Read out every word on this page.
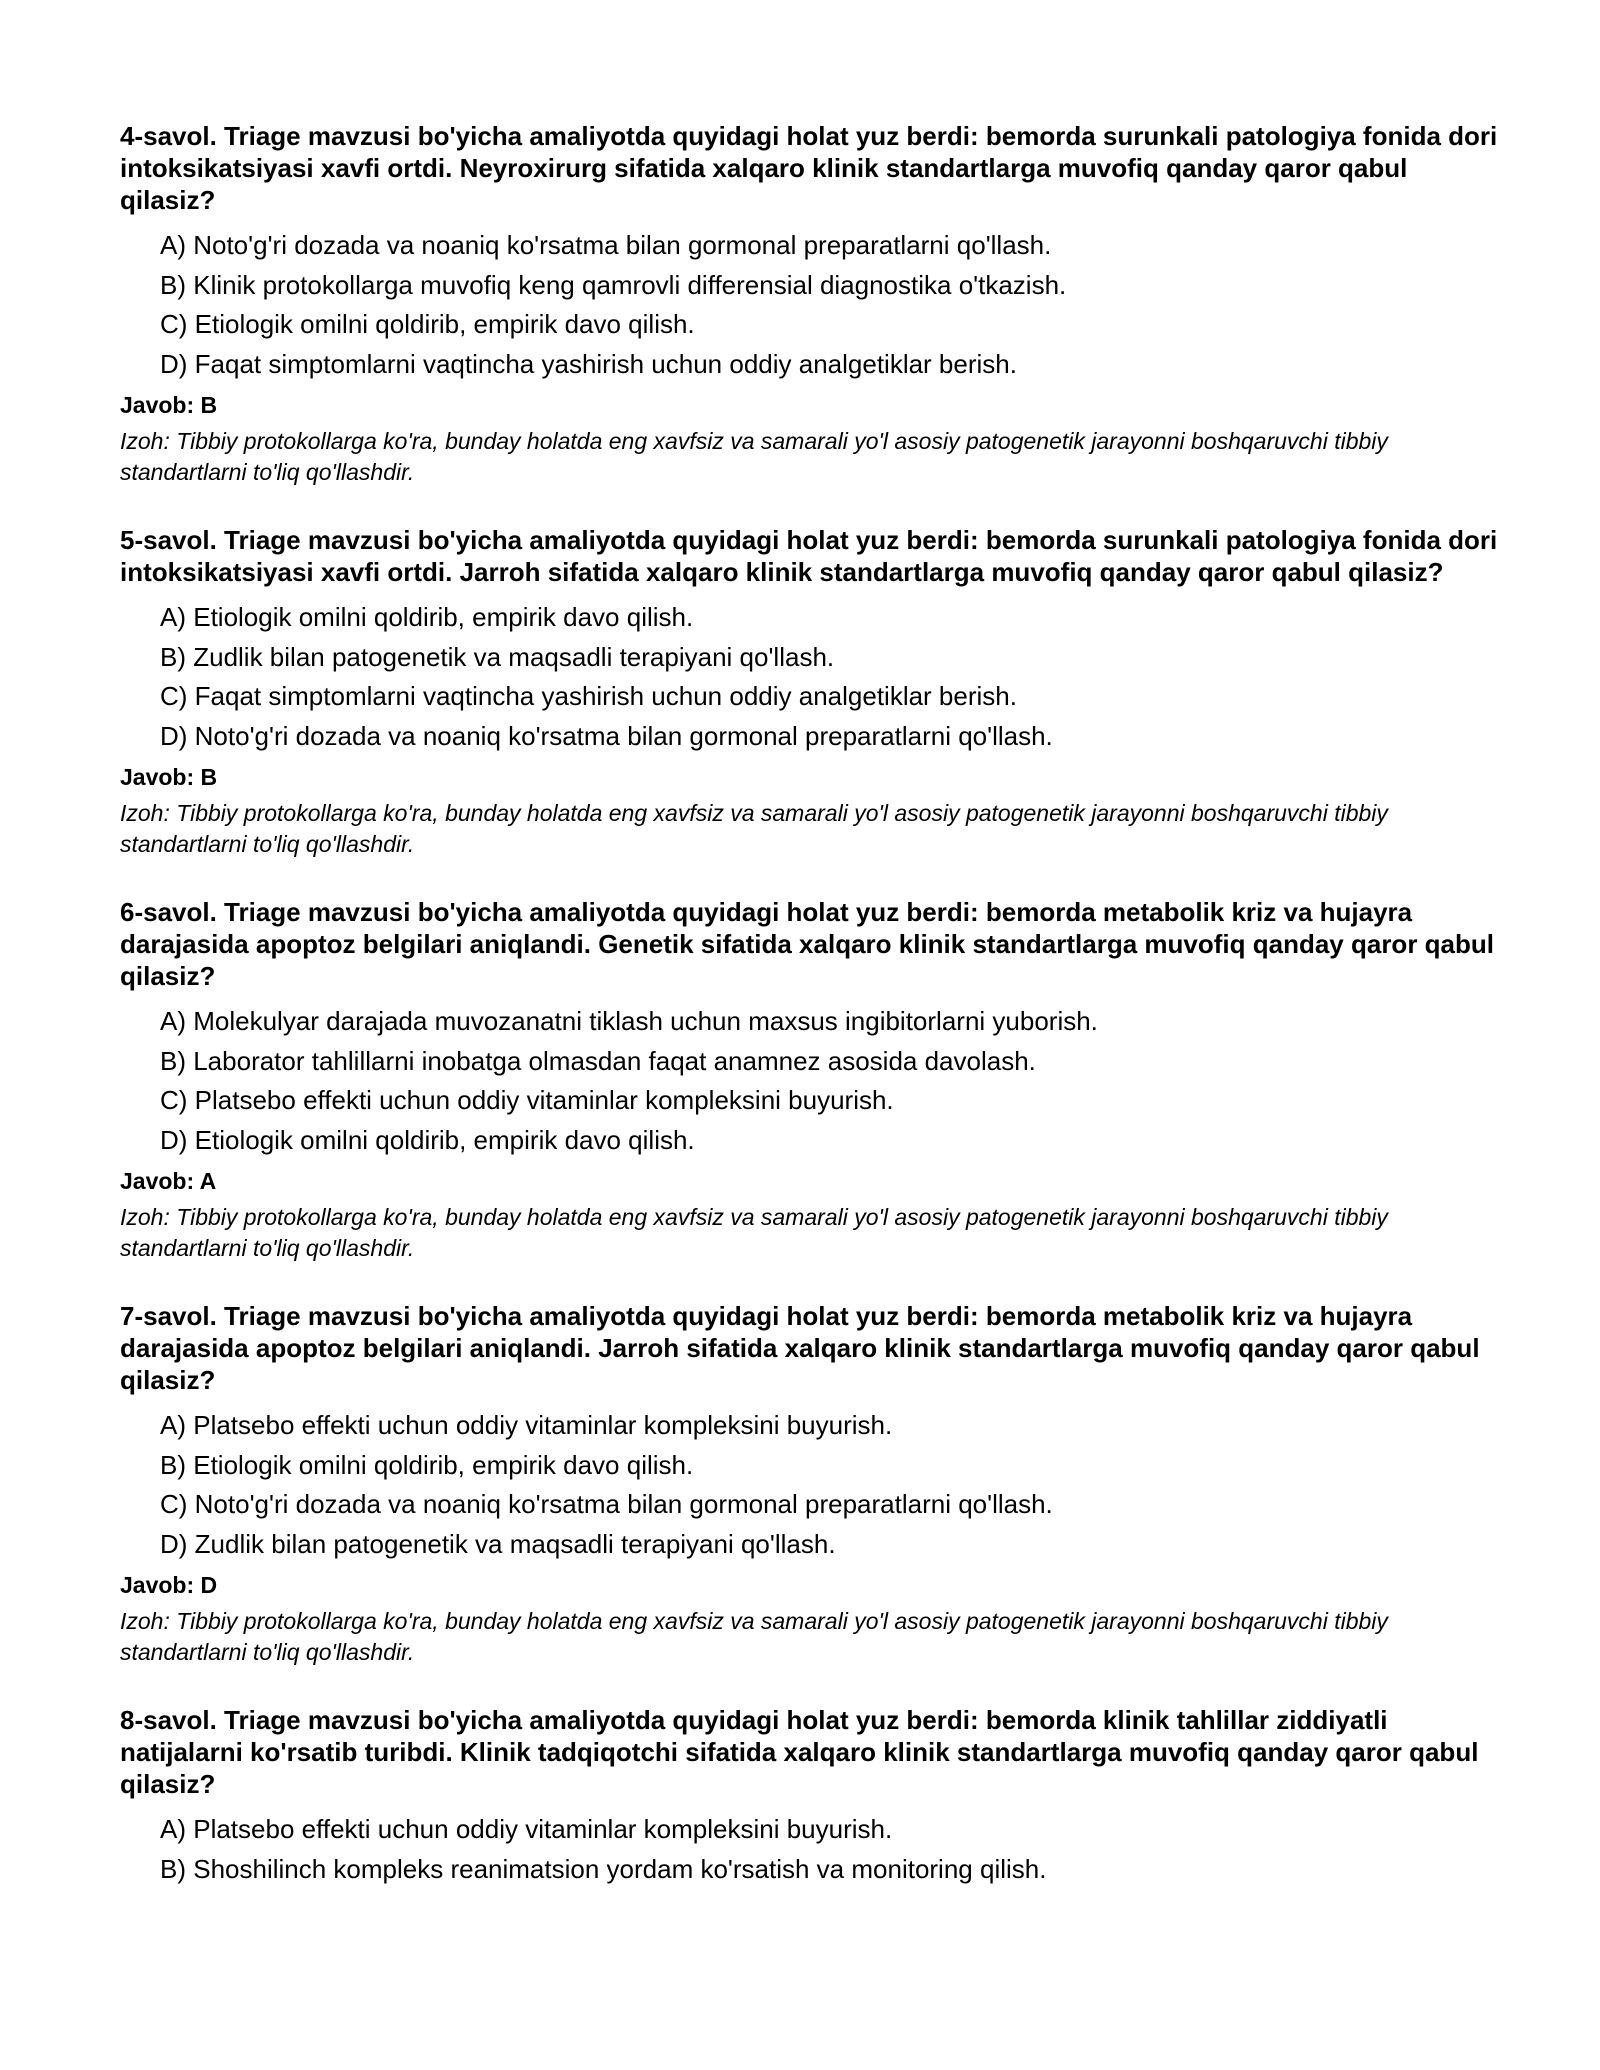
4-savol. Triage mavzusi bo'yicha amaliyotda quyidagi holat yuz berdi: bemorda surunkali patologiya fonida dori intoksikatsiyasi xavfi ortdi. Neyroxirurg sifatida xalqaro klinik standartlarga muvofiq qanday qaror qabul qilasiz?

A) Noto'g'ri dozada va noaniq ko'rsatma bilan gormonal preparatlarni qo'llash.
B) Klinik protokollarga muvofiq keng qamrovli differensial diagnostika o'tkazish.
C) Etiologik omilni qoldirib, empirik davo qilish.
D) Faqat simptomlarni vaqtincha yashirish uchun oddiy analgetiklar berish.

Javob: B

Izoh: Tibbiy protokollarga ko'ra, bunday holatda eng xavfsiz va samarali yo'l asosiy patogenetik jarayonni boshqaruvchi tibbiy standartlarni to'liq qo'llashdir.

5-savol. Triage mavzusi bo'yicha amaliyotda quyidagi holat yuz berdi: bemorda surunkali patologiya fonida dori intoksikatsiyasi xavfi ortdi. Jarroh sifatida xalqaro klinik standartlarga muvofiq qanday qaror qabul qilasiz?

A) Etiologik omilni qoldirib, empirik davo qilish.
B) Zudlik bilan patogenetik va maqsadli terapiyani qo'llash.
C) Faqat simptomlarni vaqtincha yashirish uchun oddiy analgetiklar berish.
D) Noto'g'ri dozada va noaniq ko'rsatma bilan gormonal preparatlarni qo'llash.

Javob: B

Izoh: Tibbiy protokollarga ko'ra, bunday holatda eng xavfsiz va samarali yo'l asosiy patogenetik jarayonni boshqaruvchi tibbiy standartlarni to'liq qo'llashdir.

6-savol. Triage mavzusi bo'yicha amaliyotda quyidagi holat yuz berdi: bemorda metabolik kriz va hujayra darajasida apoptoz belgilari aniqlandi. Genetik sifatida xalqaro klinik standartlarga muvofiq qanday qaror qabul qilasiz?

A) Molekulyar darajada muvozanatni tiklash uchun maxsus ingibitorlarni yuborish.
B) Laborator tahlillarni inobatga olmasdan faqat anamnez asosida davolash.
C) Platsebo effekti uchun oddiy vitaminlar kompleksini buyurish.
D) Etiologik omilni qoldirib, empirik davo qilish.

Javob: A

Izoh: Tibbiy protokollarga ko'ra, bunday holatda eng xavfsiz va samarali yo'l asosiy patogenetik jarayonni boshqaruvchi tibbiy standartlarni to'liq qo'llashdir.

7-savol. Triage mavzusi bo'yicha amaliyotda quyidagi holat yuz berdi: bemorda metabolik kriz va hujayra darajasida apoptoz belgilari aniqlandi. Jarroh sifatida xalqaro klinik standartlarga muvofiq qanday qaror qabul qilasiz?

A) Platsebo effekti uchun oddiy vitaminlar kompleksini buyurish.
B) Etiologik omilni qoldirib, empirik davo qilish.
C) Noto'g'ri dozada va noaniq ko'rsatma bilan gormonal preparatlarni qo'llash.
D) Zudlik bilan patogenetik va maqsadli terapiyani qo'llash.

Javob: D

Izoh: Tibbiy protokollarga ko'ra, bunday holatda eng xavfsiz va samarali yo'l asosiy patogenetik jarayonni boshqaruvchi tibbiy standartlarni to'liq qo'llashdir.

8-savol. Triage mavzusi bo'yicha amaliyotda quyidagi holat yuz berdi: bemorda klinik tahlillar ziddiyatli natijalarni ko'rsatib turibdi. Klinik tadqiqotchi sifatida xalqaro klinik standartlarga muvofiq qanday qaror qabul qilasiz?

A) Platsebo effekti uchun oddiy vitaminlar kompleksini buyurish.
B) Shoshilinch kompleks reanimatsion yordam ko'rsatish va monitoring qilish.
